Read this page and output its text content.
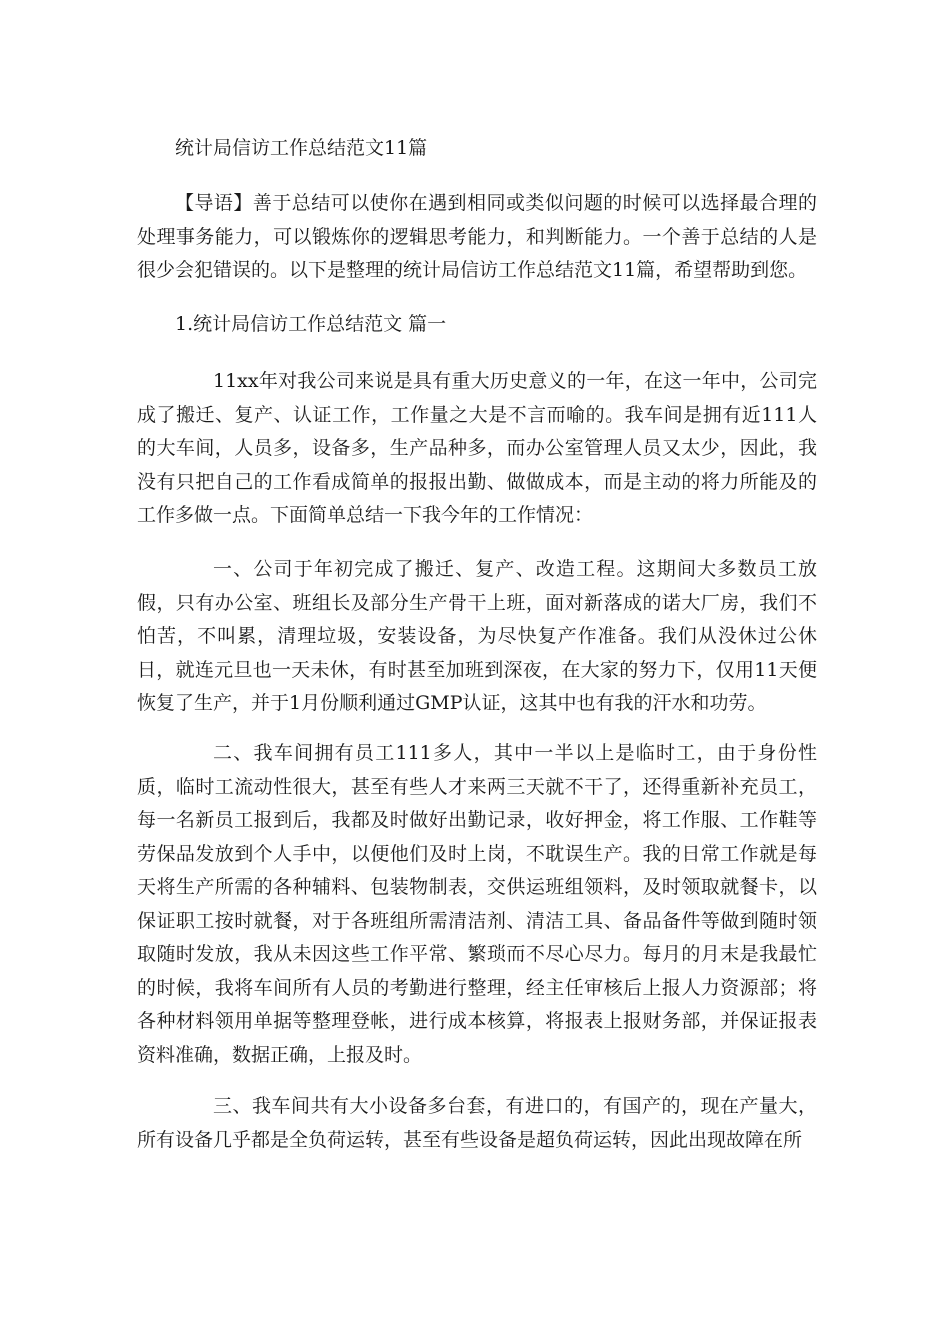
统计局信访工作总结范文11篇

【导语】善于总结可以使你在遇到相同或类似问题的时候可以选择最合理的处理事务能力，可以锻炼你的逻辑思考能力，和判断能力。一个善于总结的人是很少会犯错误的。以下是整理的统计局信访工作总结范文11篇，希望帮助到您。

1.统计局信访工作总结范文 篇一

11xx年对我公司来说是具有重大历史意义的一年，在这一年中，公司完成了搬迁、复产、认证工作，工作量之大是不言而喻的。我车间是拥有近111人的大车间，人员多，设备多，生产品种多，而办公室管理人员又太少，因此，我没有只把自己的工作看成简单的报报出勤、做做成本，而是主动的将力所能及的工作多做一点。下面简单总结一下我今年的工作情况：

一、公司于年初完成了搬迁、复产、改造工程。这期间大多数员工放假，只有办公室、班组长及部分生产骨干上班，面对新落成的诺大厂房，我们不怕苦，不叫累，清理垃圾，安装设备，为尽快复产作准备。我们从没休过公休日，就连元旦也一天未休，有时甚至加班到深夜，在大家的努力下，仅用11天便恢复了生产，并于1月份顺利通过GMP认证，这其中也有我的汗水和功劳。

二、我车间拥有员工111多人，其中一半以上是临时工，由于身份性质，临时工流动性很大，甚至有些人才来两三天就不干了，还得重新补充员工，每一名新员工报到后，我都及时做好出勤记录，收好押金，将工作服、工作鞋等劳保品发放到个人手中，以便他们及时上岗，不耽误生产。我的日常工作就是每天将生产所需的各种辅料、包装物制表，交供运班组领料，及时领取就餐卡，以保证职工按时就餐，对于各班组所需清洁剂、清洁工具、备品备件等做到随时领取随时发放，我从未因这些工作平常、繁琐而不尽心尽力。每月的月末是我最忙的时候，我将车间所有人员的考勤进行整理，经主任审核后上报人力资源部；将各种材料领用单据等整理登帐，进行成本核算，将报表上报财务部，并保证报表资料准确，数据正确，上报及时。

三、我车间共有大小设备多台套，有进口的，有国产的，现在产量大，所有设备几乎都是全负荷运转，甚至有些设备是超负荷运转，因此出现故障在所
